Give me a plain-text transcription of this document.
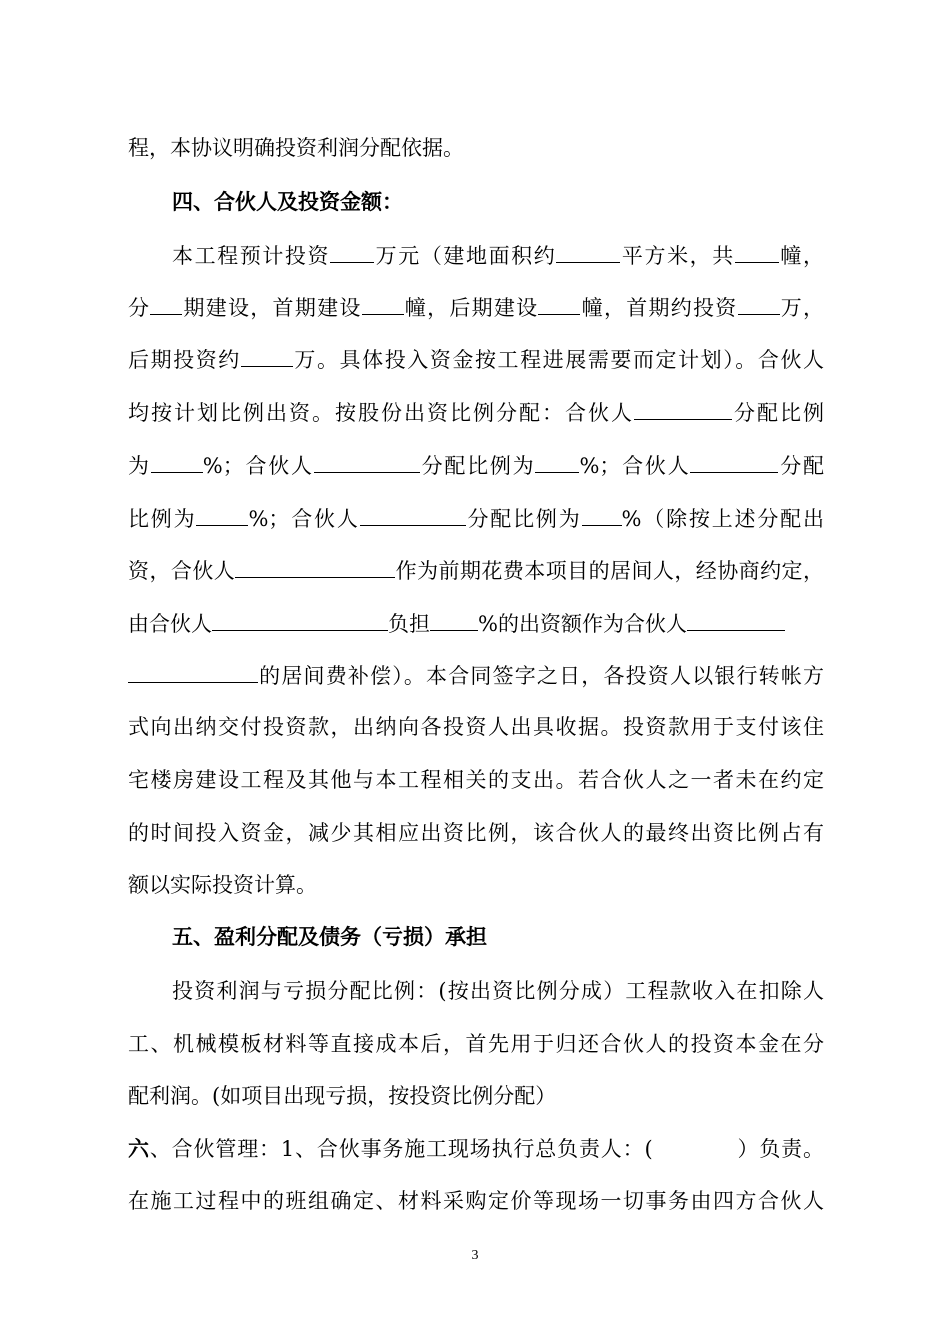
程，本协议明确投资利润分配依据。
四、合伙人及投资金额：
本工程预计投资 万元（建地面积约	平方米，共 幢，
分 期建设，首期建设 幢，后期建设 幢，首期约投资 万，
后期投资约 万。具体投入资金按工程进展需要而定计划）。合伙人
均按计划比例出资。按股份出资比例分配：合伙人	分配比例
为 %；合伙人	分配比例为 %；合伙人	分配
比例为 %；合伙人	分配比例为 %（除按上述分配出
资，合伙人	作为前期花费本项目的居间人，经协商约定，
由合伙人	负担 %的出资额作为合伙人
的居间费补偿）。本合同签字之日，各投资人以银行转帐方
式向出纳交付投资款，出纳向各投资人出具收据。投资款用于支付该住
宅楼房建设工程及其他与本工程相关的支出。若合伙人之一者未在约定
的时间投入资金，减少其相应出资比例，该合伙人的最终出资比例占有
额以实际投资计算。
五、盈利分配及债务（亏损）承担
投资利润与亏损分配比例：(按出资比例分成）工程款收入在扣除人
工、机械模板材料等直接成本后，首先用于归还合伙人的投资本金在分
配利润。(如项目出现亏损，按投资比例分配）
六、合伙管理：1、合伙事务施工现场执行总负责人：(	）负责。
在施工过程中的班组确定、材料采购定价等现场一切事务由四方合伙人
3
